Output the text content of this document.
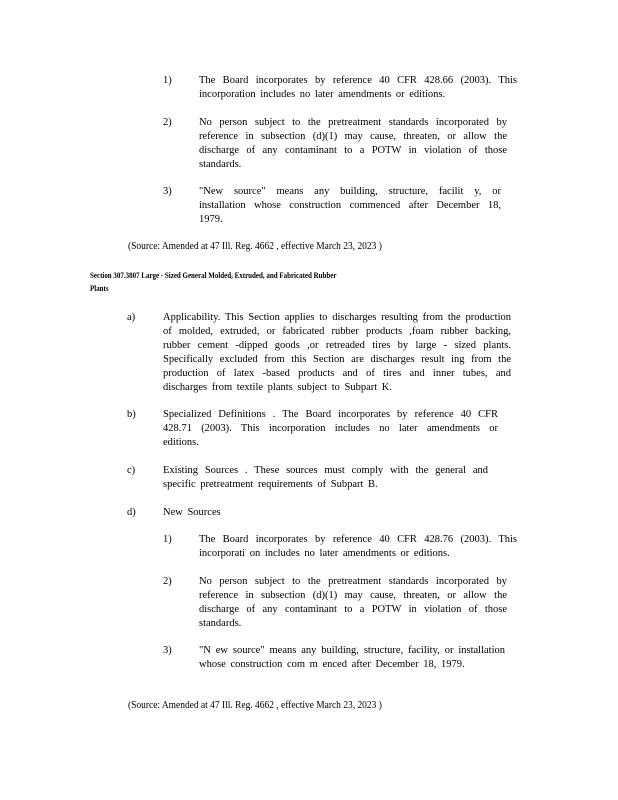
1)	The Board incorporates by reference 40 CFR 428.66 (2003). This incorporation includes no later amendments or editions.
2)	No person subject to the pretreatment standards incorporated by reference in subsection (d)(1) may cause, threaten, or allow the discharge of any contaminant to a POTW in violation of those standards.
3)	"New source" means any building, structure, facilit y, or installation whose construction commenced after December 18, 1979.
(Source: Amended at 47 Ill. Reg. 4662 , effective March 23, 2023 )
Section 307.3807 Large - Sized General Molded, Extruded, and Fabricated Rubber
Plants
a)	Applicability. This Section applies to discharges resulting from the production of molded, extruded, or fabricated rubber products ,foam rubber backing, rubber cement -dipped goods ,or retreaded tires by large - sized plants. Specifically excluded from this Section are discharges result ing from the production of latex -based products and of tires and inner tubes, and discharges from textile plants subject to Subpart K.
b)	Specialized Definitions . The Board incorporates by reference 40 CFR 428.71 (2003). This incorporation includes no later amendments or editions.
c)	Existing Sources . These sources must comply with the general and specific pretreatment requirements of Subpart B.
d)	New Sources
1)	The Board incorporates by reference 40 CFR 428.76 (2003). This incorporati on includes no later amendments or editions.
2)	No person subject to the pretreatment standards incorporated by reference in subsection (d)(1) may cause, threaten, or allow the discharge of any contaminant to a POTW in violation of those standards.
3)	"N ew source" means any building, structure, facility, or installation whose construction com m enced after December 18, 1979.
(Source: Amended at 47 Ill. Reg. 4662 , effective March 23, 2023 )
